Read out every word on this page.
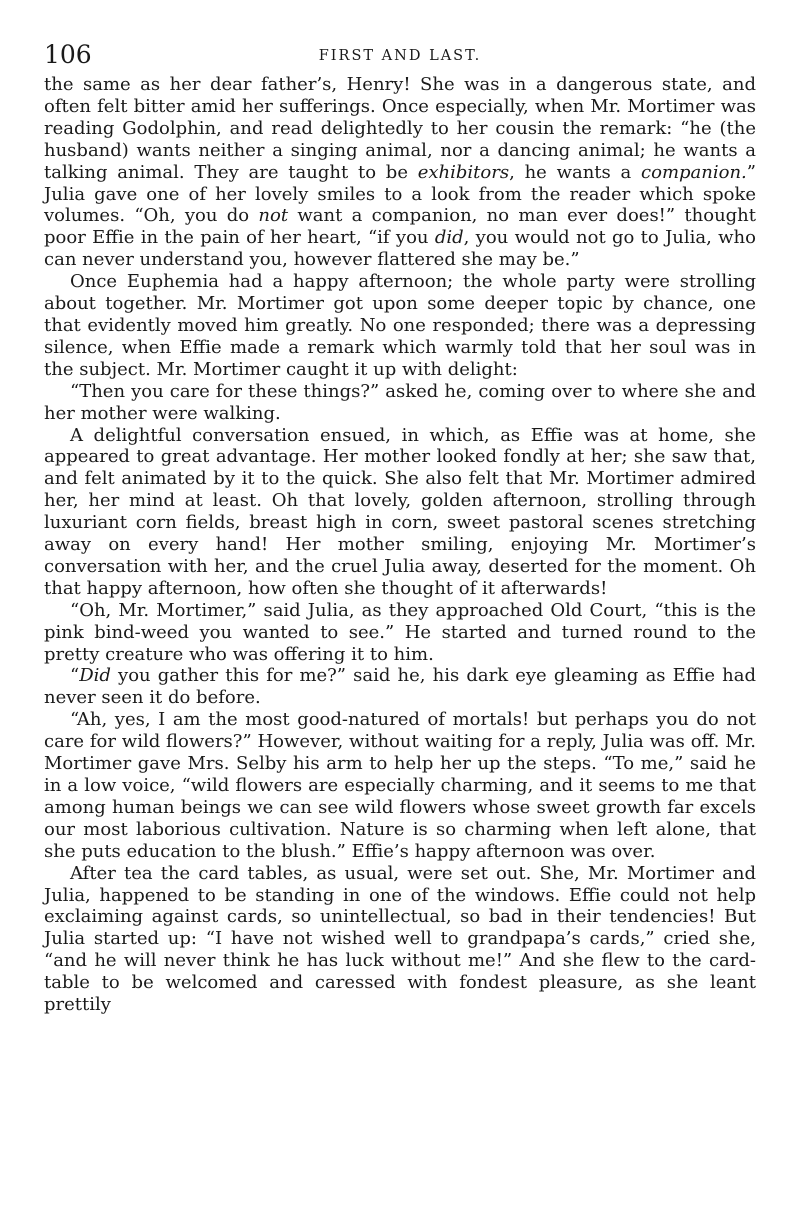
106	FIRST AND LAST.

the same as her dear father’s, Henry! She was in a dangerous state, and often felt bitter amid her sufferings. Once especially, when Mr. Mortimer was reading Godolphin, and read delightedly to her cousin the remark: “he (the husband) wants neither a singing animal, nor a dancing animal; he wants a talking animal. They are taught to be exhibitors, he wants a companion.” Julia gave one of her lovely smiles to a look from the reader which spoke volumes. “Oh, you do not want a companion, no man ever does!” thought poor Effie in the pain of her heart, “if you did, you would not go to Julia, who can never understand you, however flattered she may be.”

Once Euphemia had a happy afternoon; the whole party were strolling about together. Mr. Mortimer got upon some deeper topic by chance, one that evidently moved him greatly. No one responded; there was a depressing silence, when Effie made a remark which warmly told that her soul was in the subject. Mr. Mortimer caught it up with delight:

“Then you care for these things?” asked he, coming over to where she and her mother were walking.

A delightful conversation ensued, in which, as Effie was at home, she appeared to great advantage. Her mother looked fondly at her; she saw that, and felt animated by it to the quick. She also felt that Mr. Mortimer admired her, her mind at least. Oh that lovely, golden afternoon, strolling through luxuriant corn fields, breast high in corn, sweet pastoral scenes stretching away on every hand! Her mother smiling, enjoying Mr. Mortimer’s conversation with her, and the cruel Julia away, deserted for the moment. Oh that happy afternoon, how often she thought of it afterwards!

“Oh, Mr. Mortimer,” said Julia, as they approached Old Court, “this is the pink bind-weed you wanted to see.” He started and turned round to the pretty creature who was offering it to him.

“Did you gather this for me?” said he, his dark eye gleaming as Effie had never seen it do before.

“Ah, yes, I am the most good-natured of mortals! but perhaps you do not care for wild flowers?” However, without waiting for a reply, Julia was off. Mr. Mortimer gave Mrs. Selby his arm to help her up the steps. “To me,” said he in a low voice, “wild flowers are especially charming, and it seems to me that among human beings we can see wild flowers whose sweet growth far excels our most laborious cultivation. Nature is so charming when left alone, that she puts education to the blush.” Effie’s happy afternoon was over.

After tea the card tables, as usual, were set out. She, Mr. Mortimer and Julia, happened to be standing in one of the windows. Effie could not help exclaiming against cards, so unintellectual, so bad in their tendencies! But Julia started up: “I have not wished well to grandpapa’s cards,” cried she, “and he will never think he has luck without me!” And she flew to the card-table to be welcomed and caressed with fondest pleasure, as she leant prettily
